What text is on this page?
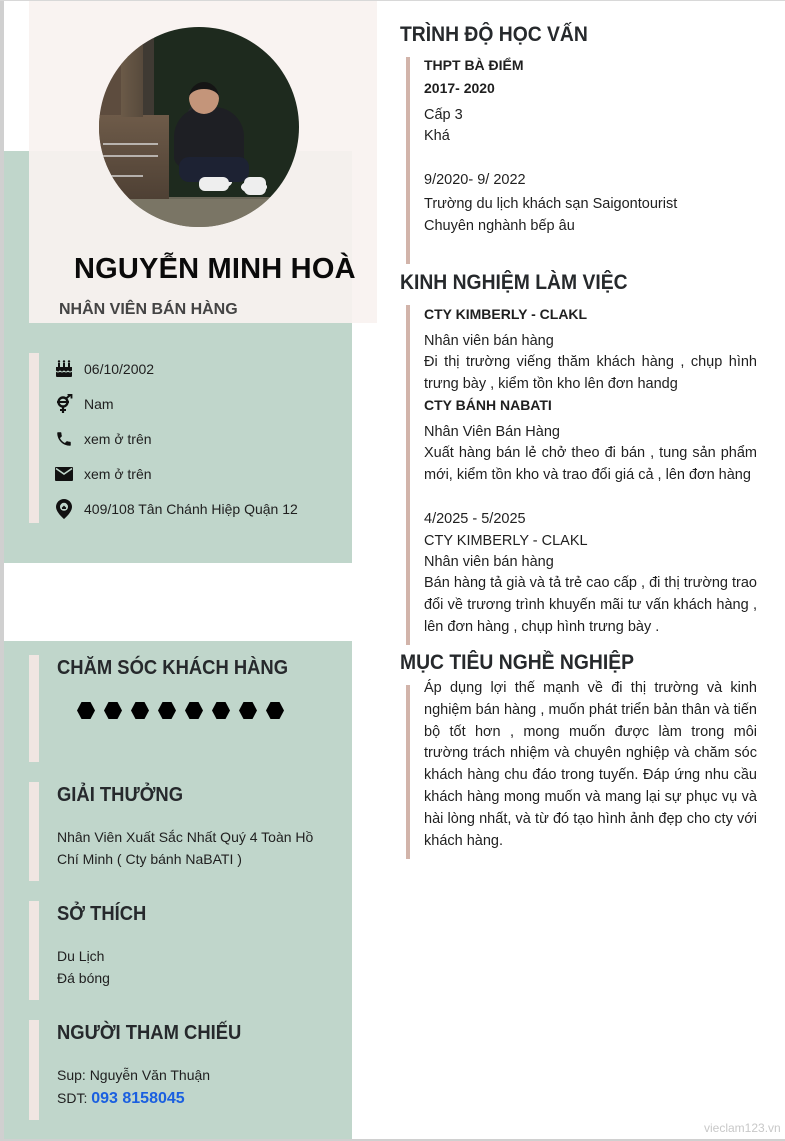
NGUYỄN MINH HOÀ
NHÂN VIÊN BÁN HÀNG
06/10/2002
Nam
xem ở trên
xem ở trên
409/108 Tân Chánh Hiệp Quận 12
CHĂM SÓC KHÁCH HÀNG
GIẢI THƯỞNG
Nhân Viên Xuất Sắc Nhất Quý 4 Toàn Hồ Chí Minh ( Cty bánh NaBATI )
SỞ THÍCH
Du Lịch
Đá bóng
NGƯỜI THAM CHIẾU
Sup: Nguyễn Văn Thuận
SDT: 093 8158045
TRÌNH ĐỘ HỌC VẤN
THPT BÀ ĐIỂM
2017- 2020
Cấp 3
Khá
9/2020- 9/ 2022
Trường du lịch khách sạn Saigontourist
Chuyên nghành bếp âu
KINH NGHIỆM LÀM VIỆC
CTY KIMBERLY - CLAKL
Nhân viên bán hàng
Đi thị trường viếng thăm khách hàng , chụp hình trưng bày , kiểm tồn kho lên đơn handg
CTY BÁNH NABATI
Nhân Viên Bán Hàng
Xuất hàng bán lẻ chở theo đi bán , tung sản phẩm mới, kiểm tồn kho và trao đổi giá cả , lên đơn hàng
4/2025 - 5/2025
CTY KIMBERLY - CLAKL
Nhân viên bán hàng
Bán hàng tả già và tả trẻ cao cấp , đi thị trường trao đổi về trương trình khuyến mãi tư vấn khách hàng , lên đơn hàng , chụp hình trưng bày .
MỤC TIÊU NGHỀ NGHIỆP
Áp dụng lợi thế mạnh về đi thị trường và kinh nghiệm bán hàng , muốn phát triển bản thân và tiến bộ tốt hơn , mong muốn được làm trong môi trường trách nhiệm và chuyên nghiệp và chăm sóc khách hàng chu đáo trong tuyến. Đáp ứng nhu cầu khách hàng mong muốn và mang lại sự phục vụ và hài lòng nhất, và từ đó tạo hình ảnh đẹp cho cty với khách hàng.
vieclam123.vn
